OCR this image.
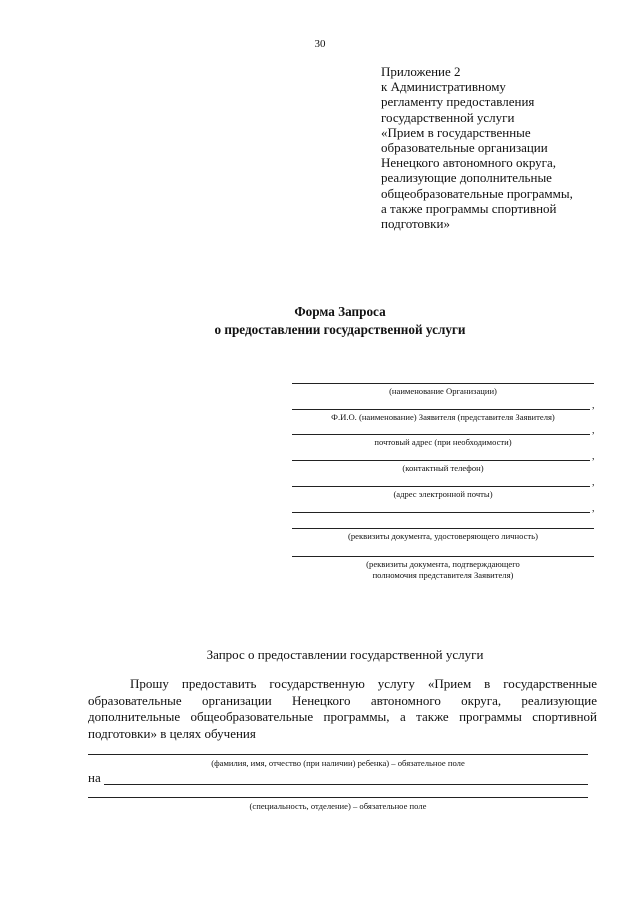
30
Приложение 2
к Административному
регламенту предоставления
государственной услуги
«Прием в государственные
образовательные организации
Ненецкого автономного округа,
реализующие дополнительные
общеобразовательные программы,
а также программы спортивной
подготовки»
Форма Запроса
о предоставлении государственной услуги
(наименование Организации)
,
Ф.И.О. (наименование) Заявителя (представителя Заявителя)
,
почтовый адрес (при необходимости)
,
(контактный телефон)
,
(адрес электронной почты)
,
(реквизиты документа, удостоверяющего личность)
(реквизиты документа, подтверждающего
полномочия представителя Заявителя)
Запрос о предоставлении государственной услуги
Прошу предоставить государственную услугу «Прием в государственные
образовательные организации Ненецкого автономного округа, реализующие
дополнительные общеобразовательные программы, а также программы спортивной
подготовки» в целях обучения
(фамилия, имя, отчество (при наличии) ребенка) – обязательное поле
на
(специальность, отделение) – обязательное поле
